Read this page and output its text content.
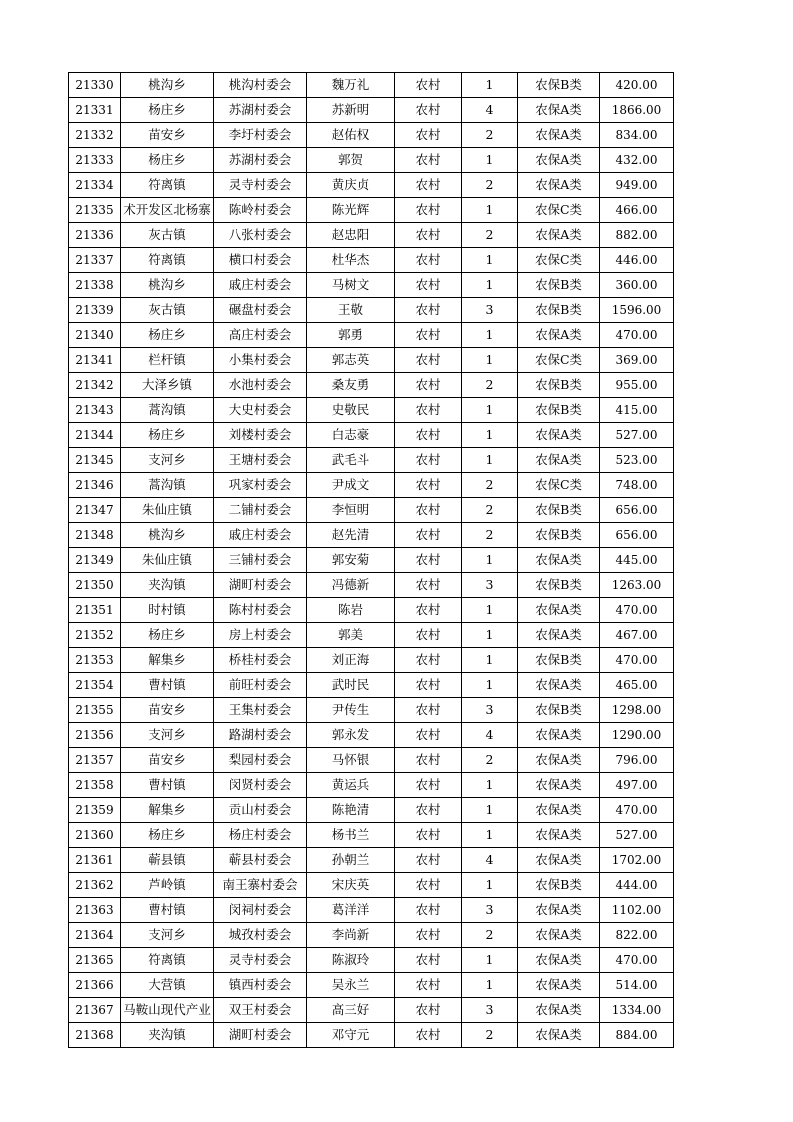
21330	桃沟乡	桃沟村委会	魏万礼	农村	1	农保B类	420.00
21331	杨庄乡	苏湖村委会	苏新明	农村	4	农保A类	1866.00
21332	苗安乡	李圩村委会	赵佑权	农村	2	农保A类	834.00
21333	杨庄乡	苏湖村委会	郭贺	农村	1	农保A类	432.00
21334	符离镇	灵寺村委会	黄庆贞	农村	2	农保A类	949.00
21335	术开发区北杨寨	陈岭村委会	陈光辉	农村	1	农保C类	466.00
21336	灰古镇	八张村委会	赵忠阳	农村	2	农保A类	882.00
21337	符离镇	横口村委会	杜华杰	农村	1	农保C类	446.00
21338	桃沟乡	戚庄村委会	马树文	农村	1	农保B类	360.00
21339	灰古镇	碾盘村委会	王敬	农村	3	农保B类	1596.00
21340	杨庄乡	高庄村委会	郭勇	农村	1	农保A类	470.00
21341	栏杆镇	小集村委会	郭志英	农村	1	农保C类	369.00
21342	大泽乡镇	水池村委会	桑友勇	农村	2	农保B类	955.00
21343	蒿沟镇	大史村委会	史敬民	农村	1	农保B类	415.00
21344	杨庄乡	刘楼村委会	白志豪	农村	1	农保A类	527.00
21345	支河乡	王塘村委会	武毛斗	农村	1	农保A类	523.00
21346	蒿沟镇	巩家村委会	尹成文	农村	2	农保C类	748.00
21347	朱仙庄镇	二铺村委会	李恒明	农村	2	农保B类	656.00
21348	桃沟乡	戚庄村委会	赵先清	农村	2	农保B类	656.00
21349	朱仙庄镇	三铺村委会	郭安菊	农村	1	农保A类	445.00
21350	夹沟镇	湖町村委会	冯德新	农村	3	农保B类	1263.00
21351	时村镇	陈村村委会	陈岩	农村	1	农保A类	470.00
21352	杨庄乡	房上村委会	郭美	农村	1	农保A类	467.00
21353	解集乡	桥桂村委会	刘正海	农村	1	农保B类	470.00
21354	曹村镇	前旺村委会	武时民	农村	1	农保A类	465.00
21355	苗安乡	王集村委会	尹传生	农村	3	农保B类	1298.00
21356	支河乡	路湖村委会	郭永发	农村	4	农保A类	1290.00
21357	苗安乡	梨园村委会	马怀银	农村	2	农保A类	796.00
21358	曹村镇	闵贤村委会	黄运兵	农村	1	农保A类	497.00
21359	解集乡	贡山村委会	陈艳清	农村	1	农保A类	470.00
21360	杨庄乡	杨庄村委会	杨书兰	农村	1	农保A类	527.00
21361	蕲县镇	蕲县村委会	孙朝兰	农村	4	农保A类	1702.00
21362	芦岭镇	南王寨村委会	宋庆英	农村	1	农保B类	444.00
21363	曹村镇	闵祠村委会	葛洋洋	农村	3	农保A类	1102.00
21364	支河乡	城孜村委会	李尚新	农村	2	农保A类	822.00
21365	符离镇	灵寺村委会	陈淑玲	农村	1	农保A类	470.00
21366	大营镇	镇西村委会	吴永兰	农村	1	农保A类	514.00
21367	马鞍山现代产业	双王村委会	高三好	农村	3	农保A类	1334.00
21368	夹沟镇	湖町村委会	邓守元	农村	2	农保A类	884.00
